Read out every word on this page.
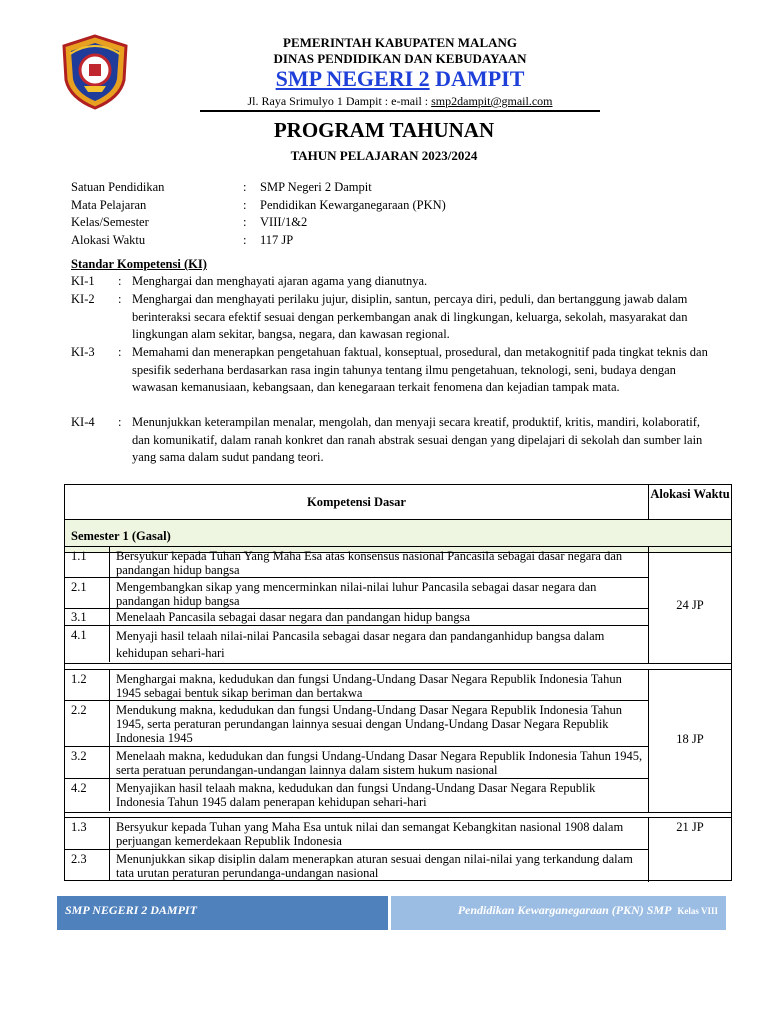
PEMERINTAH KABUPATEN MALANG
DINAS PENDIDIKAN DAN KEBUDAYAAN
SMP NEGERI 2 DAMPIT
Jl. Raya Srimulyo 1 Dampit : e-mail : smp2dampit@gmail.com
PROGRAM TAHUNAN
TAHUN PELAJARAN 2023/2024
Satuan Pendidikan	:	SMP Negeri 2 Dampit
Mata Pelajaran	:	Pendidikan Kewarganegaraan (PKN)
Kelas/Semester	:	VIII/1&2
Alokasi Waktu	:	117 JP
Standar Kompetensi (KI)
KI-1	: Menghargai dan menghayati ajaran agama yang dianutnya.
KI-2	: Menghargai dan menghayati perilaku jujur, disiplin, santun, percaya diri, peduli, dan bertanggung jawab dalam berinteraksi secara efektif sesuai dengan perkembangan anak di lingkungan, keluarga, sekolah, masyarakat dan lingkungan alam sekitar, bangsa, negara, dan kawasan regional.
KI-3	: Memahami dan menerapkan pengetahuan faktual, konseptual, prosedural, dan metakognitif pada tingkat teknis dan spesifik sederhana berdasarkan rasa ingin tahunya tentang ilmu pengetahuan, teknologi, seni, budaya dengan wawasan kemanusiaan, kebangsaan, dan kenegaraan terkait fenomena dan kejadian tampak mata.
KI-4	: Menunjukkan keterampilan menalar, mengolah, dan menyaji secara kreatif, produktif, kritis, mandiri, kolaboratif, dan komunikatif, dalam ranah konkret dan ranah abstrak sesuai dengan yang dipelajari di sekolah dan sumber lain yang sama dalam sudut pandang teori.
Kompetensi Dasar
Alokasi Waktu
Semester 1 (Gasal)
1.1 Bersyukur kepada Tuhan Yang Maha Esa atas konsensus nasional Pancasila sebagai dasar negara dan pandangan hidup bangsa
2.1 Mengembangkan sikap yang mencerminkan nilai-nilai luhur Pancasila sebagai dasar negara dan pandangan hidup bangsa
3.1 Menelaah Pancasila sebagai dasar negara dan pandangan hidup bangsa
4.1 Menyaji hasil telaah nilai-nilai Pancasila sebagai dasar negara dan pandanganhidup bangsa dalam kehidupan sehari-hari
24 JP
1.2 Menghargai makna, kedudukan dan fungsi Undang-Undang Dasar Negara Republik Indonesia Tahun 1945 sebagai bentuk sikap beriman dan bertakwa
2.2 Mendukung makna, kedudukan dan fungsi Undang-Undang Dasar Negara Republik Indonesia Tahun 1945, serta peraturan perundangan lainnya sesuai dengan Undang-Undang Dasar Negara Republik Indonesia 1945
3.2 Menelaah makna, kedudukan dan fungsi Undang-Undang Dasar Negara Republik Indonesia Tahun 1945, serta peratuan perundangan-undangan lainnya dalam sistem hukum nasional
4.2 Menyajikan hasil telaah makna, kedudukan dan fungsi Undang-Undang Dasar Negara Republik Indonesia Tahun 1945 dalam penerapan kehidupan sehari-hari
18 JP
1.3 Bersyukur kepada Tuhan yang Maha Esa untuk nilai dan semangat Kebangkitan nasional 1908 dalam perjuangan kemerdekaan Republik Indonesia
2.3 Menunjukkan sikap disiplin dalam menerapkan aturan sesuai dengan nilai-nilai yang terkandung dalam tata urutan peraturan perundanga-undangan nasional
21 JP
SMP NEGERI 2 DAMPIT	Pendidikan Kewarganegaraan (PKN) SMP Kelas VIII
